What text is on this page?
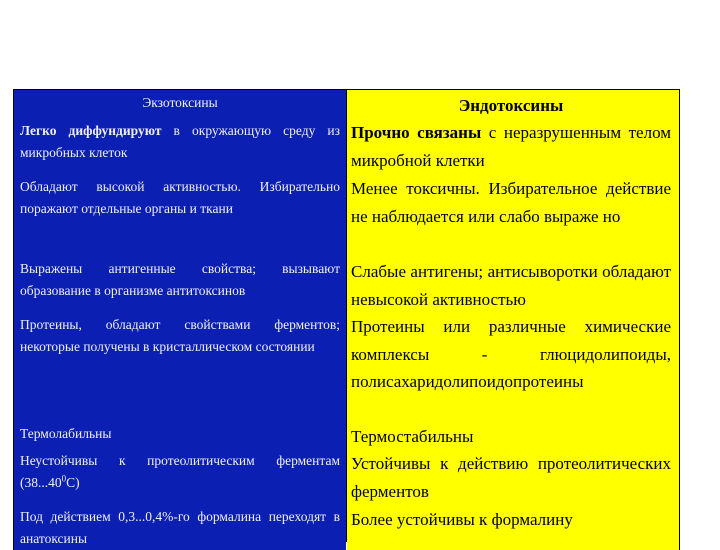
Экзотоксины
Легко диффундируют в окружающую среду из микробных клеток
Обладают высокой активностью. Избирательно поражают отдельные органы и ткани
Выражены антигенные свойства; вызывают образование в организме антитоксинов
Протеины, обладают свойствами ферментов; некоторые получены в кристаллическом состоянии
Термолабильны
Неустойчивы к протеолитическим ферментам (38...40$^0$С)
Под действием 0,3...0,4%-го формалина переходят в анатоксины
Эндотоксины
Прочно связаны с неразрушенным телом микробной клетки
Менее токсичны. Избирательное действие не наблюдается или слабо выраже но
Слабые антигены; антисыворотки обладают невысокой активностью
Протеины или различные химические комплексы - глюцидолипоиды, полисахаридолипоидопротеины
Термостабильны
Устойчивы к действию протеолитических ферментов
Более устойчивы к формалину
